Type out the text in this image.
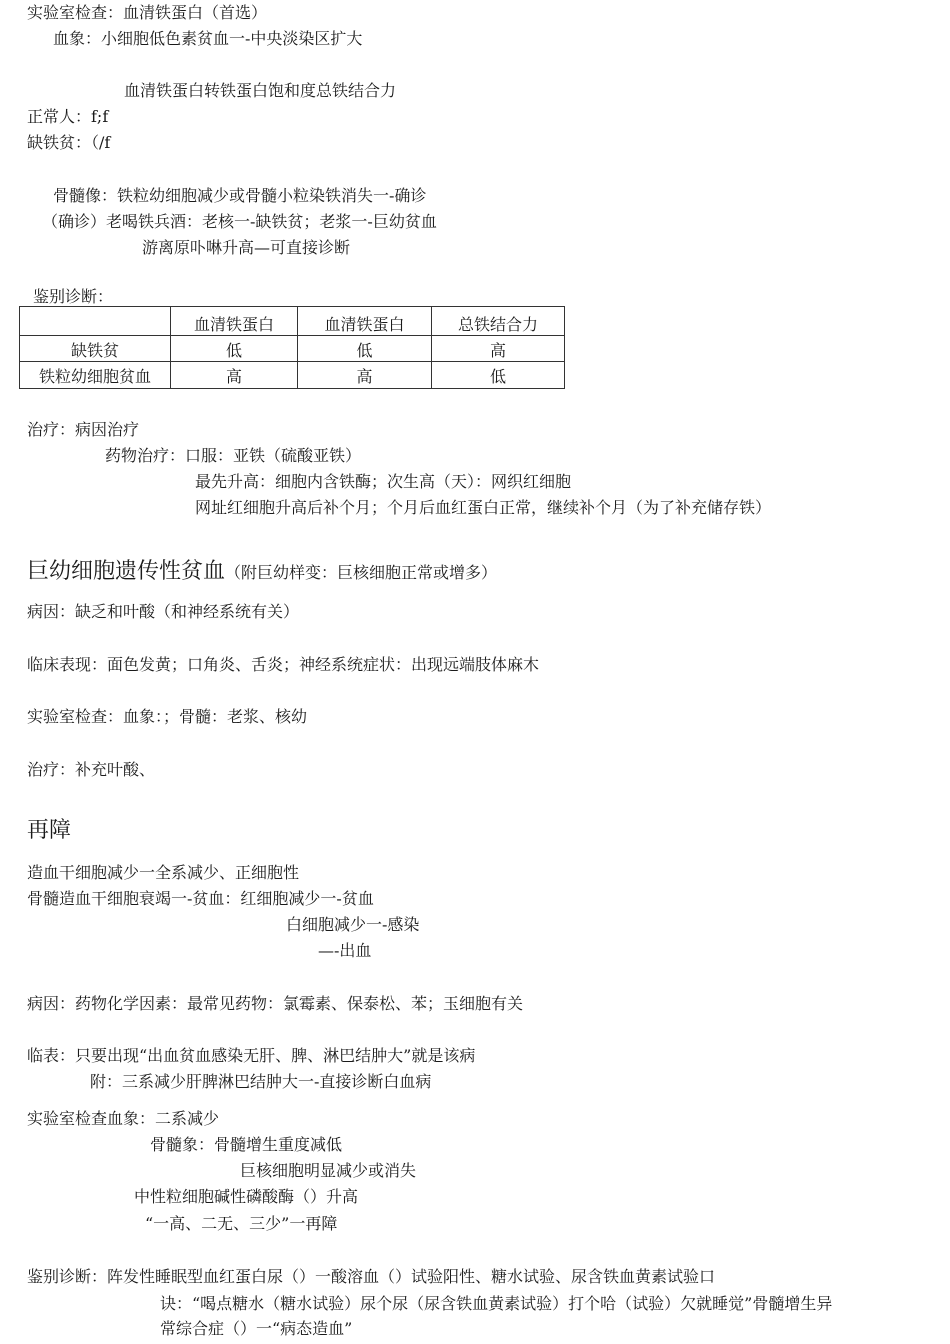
实验室检查：血清铁蛋白（首选）
血象：小细胞低色素贫血一-中央淡染区扩大
血清铁蛋白转铁蛋白饱和度总铁结合力
正常人：f;f
缺铁贫：（/f
骨髓像：铁粒幼细胞减少或骨髓小粒染铁消失一-确诊
（确诊）老喝铁兵酒：老核一-缺铁贫；老浆一-巨幼贫血
游离原卟啉升高—可直接诊断
鉴别诊断：
	血清铁蛋白	血清铁蛋白	总铁结合力
缺铁贫	低	低	高
铁粒幼细胞贫血	高	高	低
治疗：病因治疗
药物治疗：口服：亚铁（硫酸亚铁）
最先升高：细胞内含铁酶；次生高（天）：网织红细胞
网址红细胞升高后补个月；个月后血红蛋白正常，继续补个月（为了补充储存铁）
巨幼细胞遗传性贫血（附巨幼样变：巨核细胞正常或增多）
病因：缺乏和叶酸（和神经系统有关）
临床表现：面色发黄；口角炎、舌炎；神经系统症状：出现远端肢体麻木
实验室检查：血象：；骨髓：老浆、核幼
治疗：补充叶酸、
再障
造血干细胞减少一全系减少、正细胞性
骨髓造血干细胞衰竭一-贫血：红细胞减少一-贫血
白细胞减少一-感染
—-出血
病因：药物化学因素：最常见药物：氯霉素、保泰松、苯；玉细胞有关
临表：只要出现“出血贫血感染无肝、脾、淋巴结肿大”就是该病
附：三系减少肝脾淋巴结肿大一-直接诊断白血病
实验室检查血象：二系减少
骨髓象：骨髓增生重度减低
巨核细胞明显减少或消失
中性粒细胞碱性磷酸酶（）升高
“一高、二无、三少”一再障
鉴别诊断：阵发性睡眠型血红蛋白尿（）一酸溶血（）试验阳性、糖水试验、尿含铁血黄素试验口
诀：“喝点糖水（糖水试验）尿个尿（尿含铁血黄素试验）打个哈（试验）欠就睡觉”骨髓增生异
常综合症（）一“病态造血”
